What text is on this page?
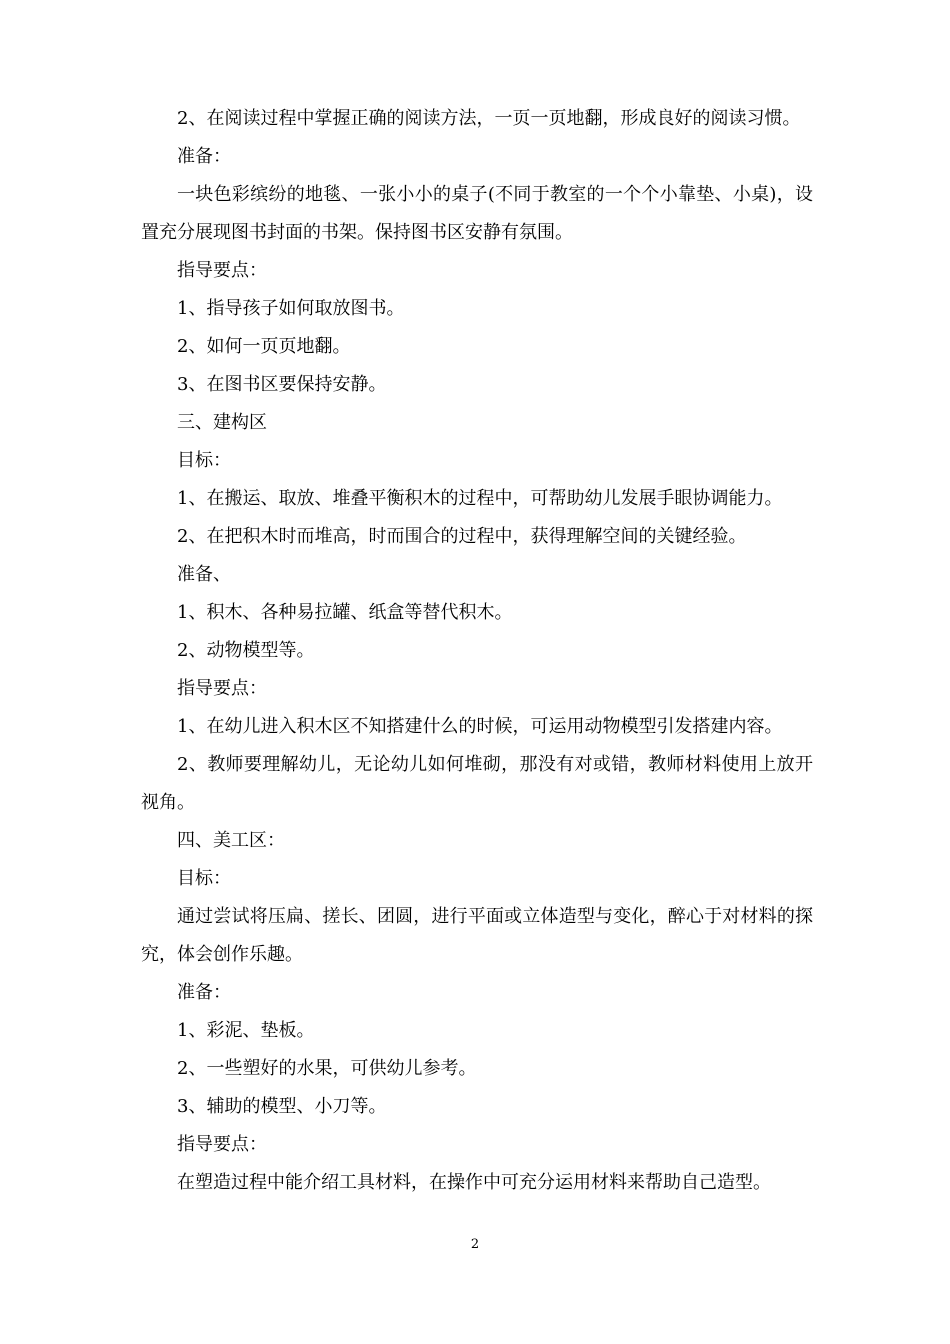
2、在阅读过程中掌握正确的阅读方法，一页一页地翻，形成良好的阅读习惯。

准备：

一块色彩缤纷的地毯、一张小小的桌子(不同于教室的一个个小靠垫、小桌)，设置充分展现图书封面的书架。保持图书区安静有氛围。

指导要点：

1、指导孩子如何取放图书。

2、如何一页页地翻。

3、在图书区要保持安静。

三、建构区

目标：

1、在搬运、取放、堆叠平衡积木的过程中，可帮助幼儿发展手眼协调能力。

2、在把积木时而堆高，时而围合的过程中，获得理解空间的关键经验。

准备、

1、积木、各种易拉罐、纸盒等替代积木。

2、动物模型等。

指导要点：

1、在幼儿进入积木区不知搭建什么的时候，可运用动物模型引发搭建内容。

2、教师要理解幼儿，无论幼儿如何堆砌，那没有对或错，教师材料使用上放开视角。

四、美工区：

目标：

通过尝试将压扁、搓长、团圆，进行平面或立体造型与变化，醉心于对材料的探究，体会创作乐趣。

准备：

1、彩泥、垫板。

2、一些塑好的水果，可供幼儿参考。

3、辅助的模型、小刀等。

指导要点：

在塑造过程中能介绍工具材料，在操作中可充分运用材料来帮助自己造型。

2
